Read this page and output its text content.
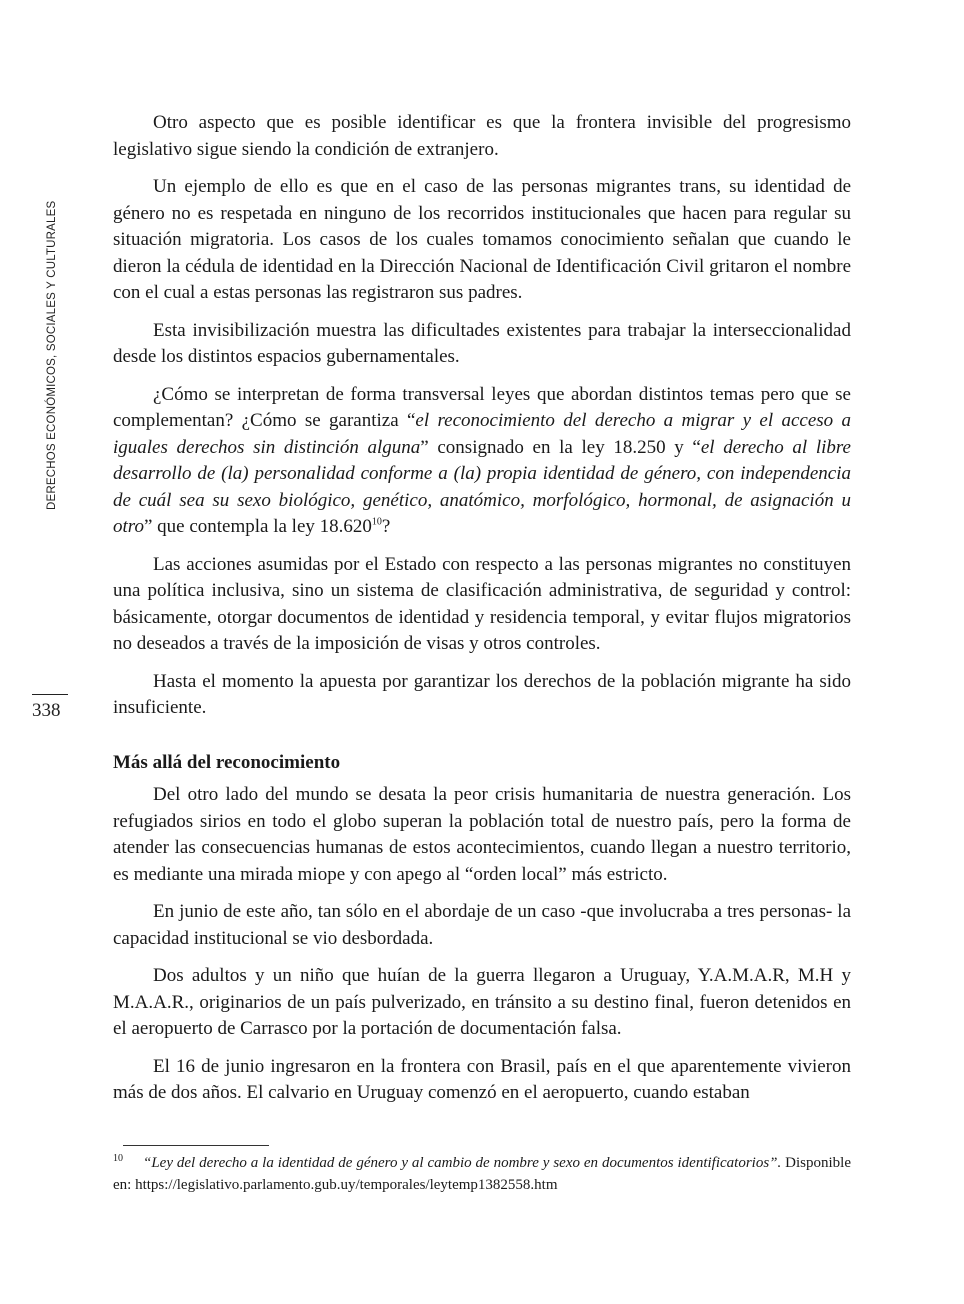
DERECHOS ECONÓMICOS, SOCIALES Y CULTURALES
338

Otro aspecto que es posible identificar es que la frontera invisible del progresismo legislativo sigue siendo la condición de extranjero.

Un ejemplo de ello es que en el caso de las personas migrantes trans, su identidad de género no es respetada en ninguno de los recorridos institucionales que hacen para regular su situación migratoria. Los casos de los cuales tomamos conocimiento señalan que cuando le dieron la cédula de identidad en la Dirección Nacional de Identificación Civil gritaron el nombre con el cual a estas personas las registraron sus padres.

Esta invisibilización muestra las dificultades existentes para trabajar la interseccionalidad desde los distintos espacios gubernamentales.

¿Cómo se interpretan de forma transversal leyes que abordan distintos temas pero que se complementan? ¿Cómo se garantiza “el reconocimiento del derecho a migrar y el acceso a iguales derechos sin distinción alguna” consignado en la ley 18.250 y “el derecho al libre desarrollo de (la) personalidad conforme a (la) propia identidad de género, con independencia de cuál sea su sexo biológico, genético, anatómico, morfológico, hormonal, de asignación u otro” que contempla la ley 18.620$^{10}$?

Las acciones asumidas por el Estado con respecto a las personas migrantes no constituyen una política inclusiva, sino un sistema de clasificación administrativa, de seguridad y control: básicamente, otorgar documentos de identidad y residencia temporal, y evitar flujos migratorios no deseados a través de la imposición de visas y otros controles.

Hasta el momento la apuesta por garantizar los derechos de la población migrante ha sido insuficiente.

Más allá del reconocimiento

Del otro lado del mundo se desata la peor crisis humanitaria de nuestra generación. Los refugiados sirios en todo el globo superan la población total de nuestro país, pero la forma de atender las consecuencias humanas de estos acontecimientos, cuando llegan a nuestro territorio, es mediante una mirada miope y con apego al “orden local” más estricto.

En junio de este año, tan sólo en el abordaje de un caso -que involucraba a tres personas- la capacidad institucional se vio desbordada.

Dos adultos y un niño que huían de la guerra llegaron a Uruguay, Y.A.M.A.R, M.H y M.A.A.R., originarios de un país pulverizado, en tránsito a su destino final, fueron detenidos en el aeropuerto de Carrasco por la portación de documentación falsa.

El 16 de junio ingresaron en la frontera con Brasil, país en el que aparentemente vivieron más de dos años. El calvario en Uruguay comenzó en el aeropuerto, cuando estaban

$^{10}$ “Ley del derecho a la identidad de género y al cambio de nombre y sexo en documentos identificatorios”. Disponible en: https://legislativo.parlamento.gub.uy/temporales/leytemp1382558.htm
